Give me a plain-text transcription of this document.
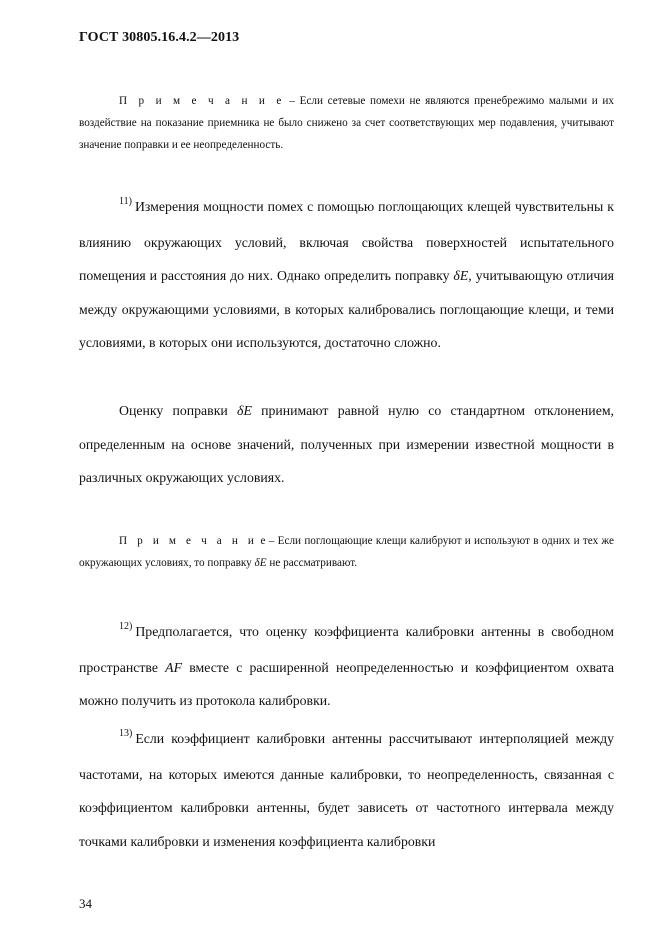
ГОСТ 30805.16.4.2—2013
П р и м е ч а н и е – Если сетевые помехи не являются пренебрежимо малыми и их воздействие на показание приемника не было снижено за счет соответствующих мер подавления, учитывают значение поправки и ее неопределенность.
$^{11)}$ Измерения мощности помех с помощью поглощающих клещей чувствительны к влиянию окружающих условий, включая свойства поверхностей испытательного помещения и расстояния до них. Однако определить поправку δE, учитывающую отличия между окружающими условиями, в которых калибровались поглощающие клещи, и теми условиями, в которых они используются, достаточно сложно.
Оценку поправки δE принимают равной нулю со стандартном отклонением, определенным на основе значений, полученных при измерении известной мощности в различных окружающих условиях.
П р и м е ч а н и е – Если поглощающие клещи калибруют и используют в одних и тех же окружающих условиях, то поправку δE не рассматривают.
$^{12)}$ Предполагается, что оценку коэффициента калибровки антенны в свободном пространстве AF вместе с расширенной неопределенностью и коэффициентом охвата можно получить из протокола калибровки.
$^{13)}$ Если коэффициент калибровки антенны рассчитывают интерполяцией между частотами, на которых имеются данные калибровки, то неопределенность, связанная с коэффициентом калибровки антенны, будет зависеть от частотного интервала между точками калибровки и изменения коэффициента калибровки
34
